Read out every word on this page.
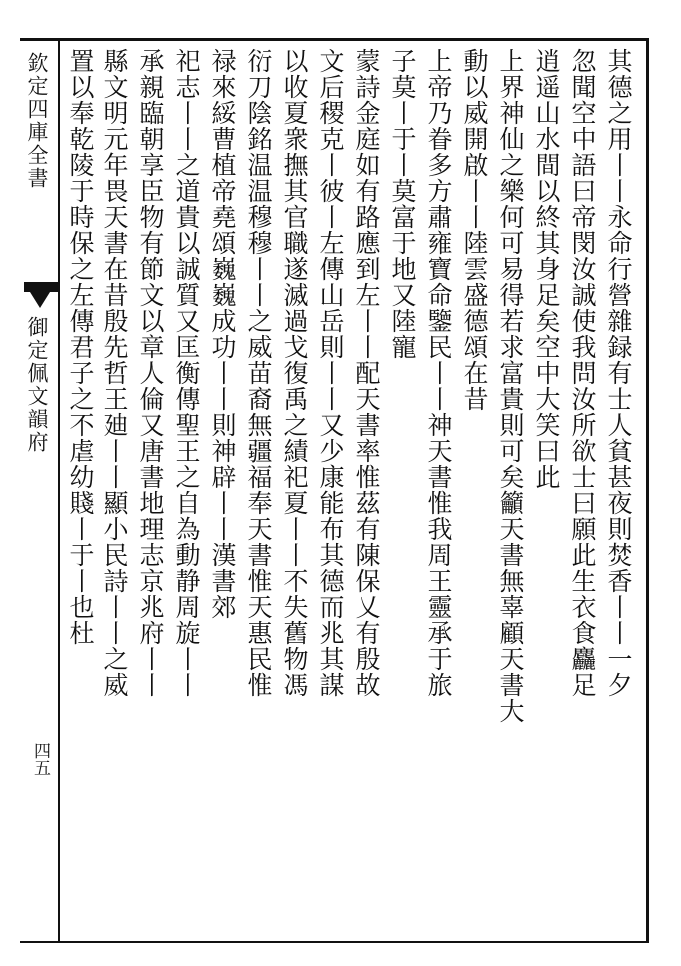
欽定四庫全書
御定佩文韻府
四五
其德之用丨丨永命行營雜録有士人貧甚夜則焚香丨丨一夕
忽聞空中語曰帝閔汝誠使我問汝所欲士曰願此生衣食麤足
逍遥山水間以終其身足矣空中大笑曰此
上界神仙之樂何可易得若求富貴則可矣籲天書無辜顧天書大
動以威開啟丨丨陸雲盛德頌在昔
上帝乃眷多方肅雍寶命鑒民丨丨神天書惟我周王靈承于旅
子莫丨于丨莫富于地又陸寵
蒙詩金庭如有路應到左丨丨配天書率惟茲有陳保乂有殷故
文后稷克丨彼丨左傳山岳則丨丨又少康能布其德而兆其謀
以收夏衆撫其官職遂滅過戈復禹之績祀夏丨丨不失舊物馮
衍刀陰銘温温穆穆丨丨之威苗裔無疆福奉天書惟天惠民惟
禄來綏曹植帝堯頌巍巍成功丨丨則神辟丨丨漢書郊
祀志丨丨之道貴以誠質又匡衡傳聖王之自為動静周旋丨丨
承親臨朝享臣物有節文以章人倫又唐書地理志京兆府丨丨
縣文明元年畏天書在昔殷先哲王廸丨丨顯小民詩丨丨之威
置以奉乾陵于時保之左傳君子之不虐幼賤丨于丨也杜
